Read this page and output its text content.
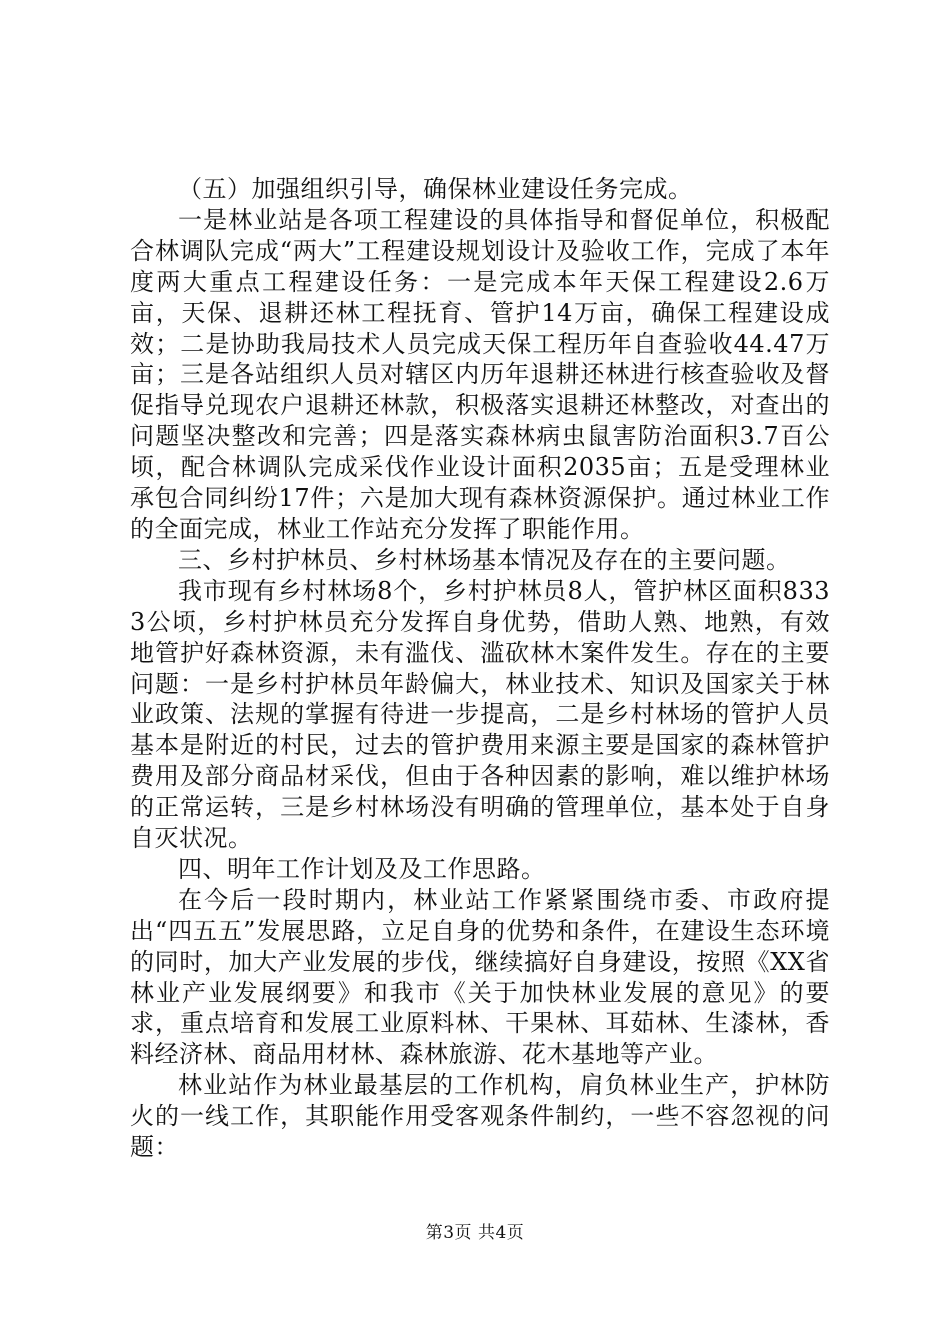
（五）加强组织引导，确保林业建设任务完成。

一是林业站是各项工程建设的具体指导和督促单位，积极配合林调队完成“两大”工程建设规划设计及验收工作，完成了本年度两大重点工程建设任务：一是完成本年天保工程建设2.6万亩，天保、退耕还林工程抚育、管护14万亩，确保工程建设成效；二是协助我局技术人员完成天保工程历年自查验收44.47万亩；三是各站组织人员对辖区内历年退耕还林进行核查验收及督促指导兑现农户退耕还林款，积极落实退耕还林整改，对查出的问题坚决整改和完善；四是落实森林病虫鼠害防治面积3.7百公顷，配合林调队完成采伐作业设计面积2035亩；五是受理林业承包合同纠纷17件；六是加大现有森林资源保护。通过林业工作的全面完成，林业工作站充分发挥了职能作用。

三、乡村护林员、乡村林场基本情况及存在的主要问题。

我市现有乡村林场8个，乡村护林员8人，管护林区面积8333公顷，乡村护林员充分发挥自身优势，借助人熟、地熟，有效地管护好森林资源，未有滥伐、滥砍林木案件发生。存在的主要问题：一是乡村护林员年龄偏大，林业技术、知识及国家关于林业政策、法规的掌握有待进一步提高，二是乡村林场的管护人员基本是附近的村民，过去的管护费用来源主要是国家的森林管护费用及部分商品材采伐，但由于各种因素的影响，难以维护林场的正常运转，三是乡村林场没有明确的管理单位，基本处于自身自灭状况。

四、明年工作计划及及工作思路。

在今后一段时期内，林业站工作紧紧围绕市委、市政府提出“四五五”发展思路，立足自身的优势和条件，在建设生态环境的同时，加大产业发展的步伐，继续搞好自身建设，按照《XX省林业产业发展纲要》和我市《关于加快林业发展的意见》的要求，重点培育和发展工业原料林、干果林、耳茹林、生漆林，香料经济林、商品用材林、森林旅游、花木基地等产业。

林业站作为林业最基层的工作机构，肩负林业生产，护林防火的一线工作，其职能作用受客观条件制约，一些不容忽视的问题：

第3页 共4页
